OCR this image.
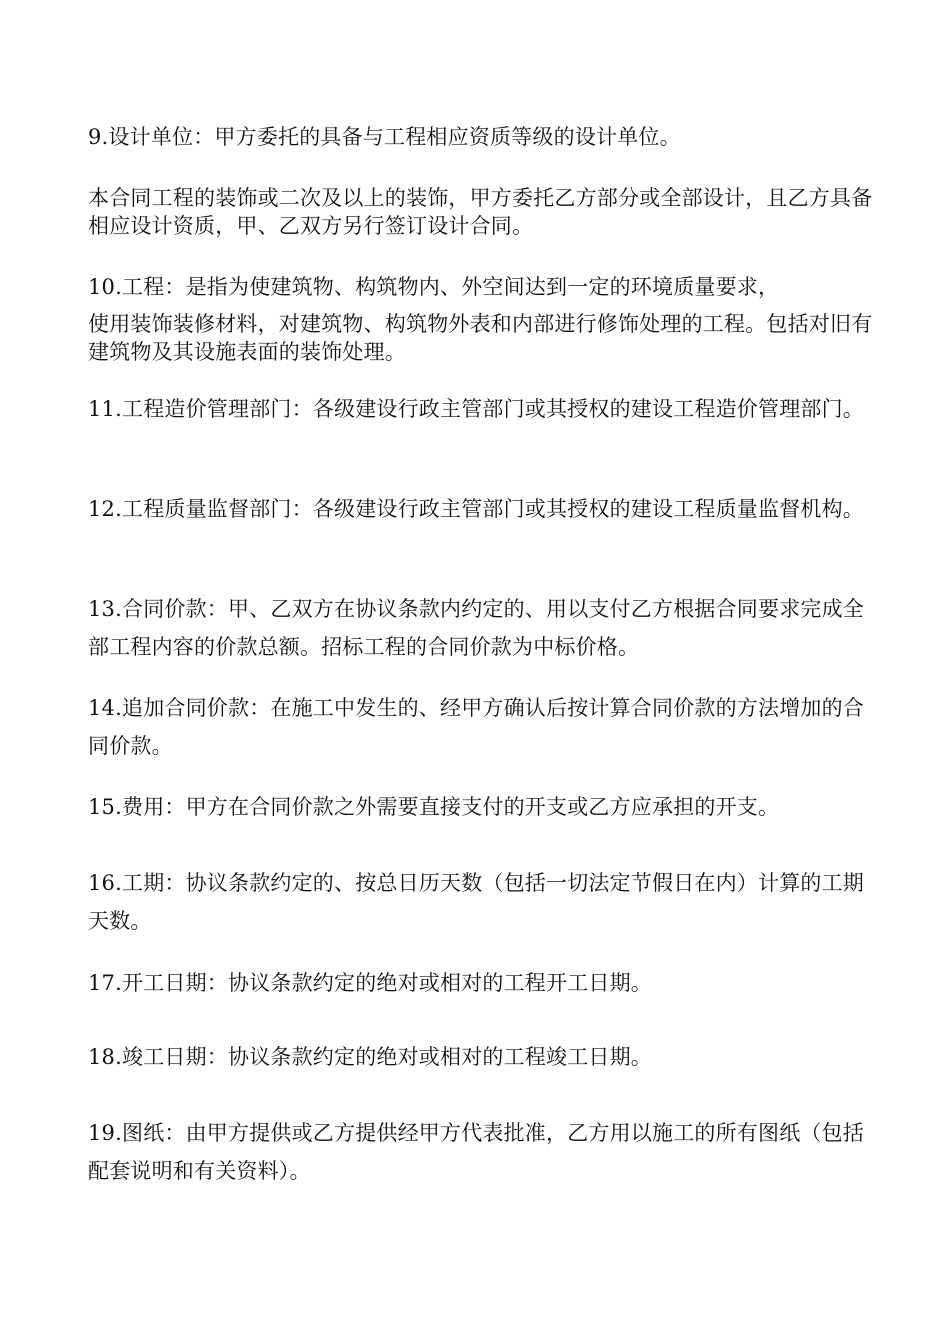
9.设计单位：甲方委托的具备与工程相应资质等级的设计单位。

本合同工程的装饰或二次及以上的装饰，甲方委托乙方部分或全部设计，且乙方具备相应设计资质，甲、乙双方另行签订设计合同。

10.工程：是指为使建筑物、构筑物内、外空间达到一定的环境质量要求，

使用装饰装修材料，对建筑物、构筑物外表和内部进行修饰处理的工程。包括对旧有建筑物及其设施表面的装饰处理。

11.工程造价管理部门：各级建设行政主管部门或其授权的建设工程造价管理部门。

12.工程质量监督部门：各级建设行政主管部门或其授权的建设工程质量监督机构。

13.合同价款：甲、乙双方在协议条款内约定的、用以支付乙方根据合同要求完成全部工程内容的价款总额。招标工程的合同价款为中标价格。

14.追加合同价款：在施工中发生的、经甲方确认后按计算合同价款的方法增加的合同价款。

15.费用：甲方在合同价款之外需要直接支付的开支或乙方应承担的开支。

16.工期：协议条款约定的、按总日历天数（包括一切法定节假日在内）计算的工期天数。

17.开工日期：协议条款约定的绝对或相对的工程开工日期。

18.竣工日期：协议条款约定的绝对或相对的工程竣工日期。

19.图纸：由甲方提供或乙方提供经甲方代表批准，乙方用以施工的所有图纸（包括配套说明和有关资料）。
